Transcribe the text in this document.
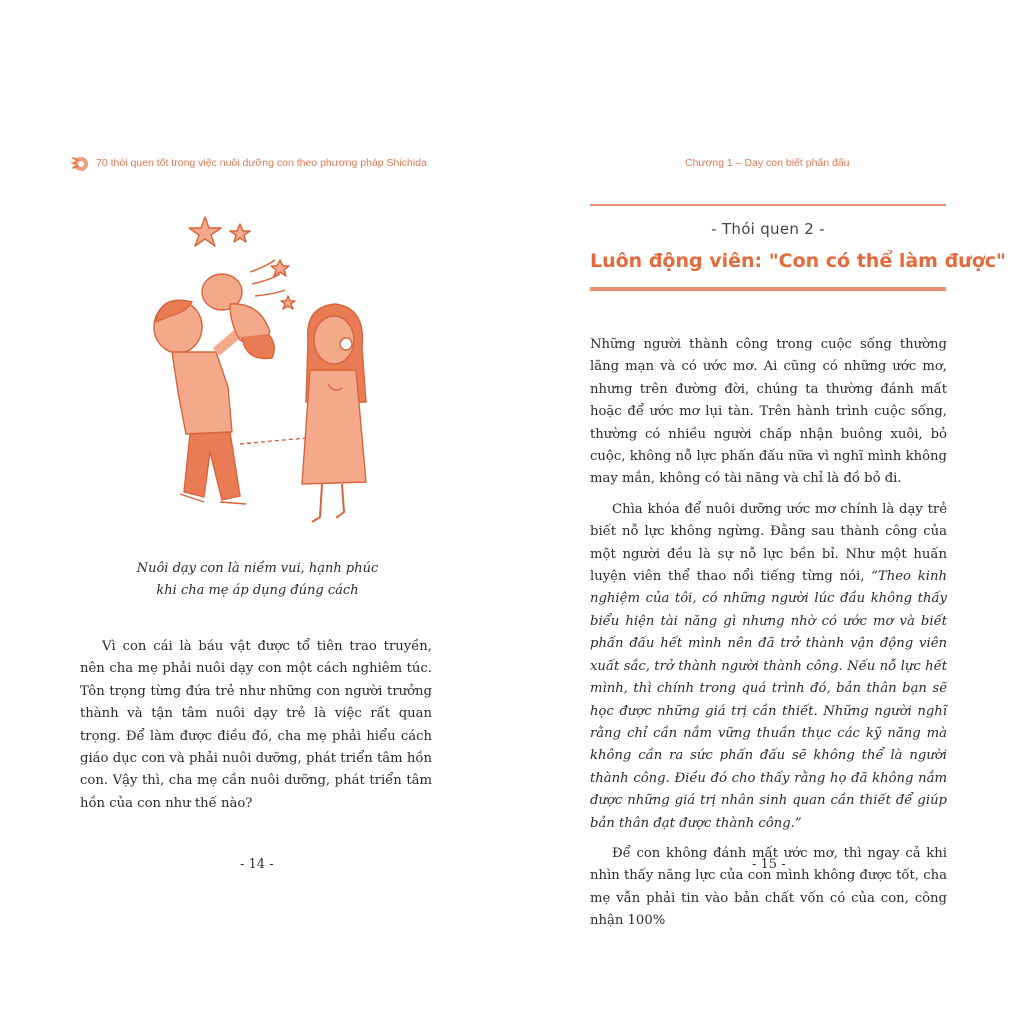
70 thói quen tốt trong việc nuôi dưỡng con theo phương pháp Shichida
Nuôi dạy con là niềm vui, hạnh phúc
khi cha mẹ áp dụng đúng cách

Vì con cái là báu vật được tổ tiên trao truyền, nên cha mẹ phải nuôi dạy con một cách nghiêm túc. Tôn trọng từng đứa trẻ như những con người trưởng thành và tận tâm nuôi dạy trẻ là việc rất quan trọng. Để làm được điều đó, cha mẹ phải hiểu cách giáo dục con và phải nuôi dưỡng, phát triển tâm hồn con. Vậy thì, cha mẹ cần nuôi dưỡng, phát triển tâm hồn của con như thế nào?

- 14 -
Chương 1 – Dạy con biết phấn đấu
- Thói quen 2 -
Luôn động viên: "Con có thể làm được"

Những người thành công trong cuộc sống thường lãng mạn và có ước mơ. Ai cũng có những ước mơ, nhưng trên đường đời, chúng ta thường đánh mất hoặc để ước mơ lụi tàn. Trên hành trình cuộc sống, thường có nhiều người chấp nhận buông xuôi, bỏ cuộc, không nỗ lực phấn đấu nữa vì nghĩ mình không may mắn, không có tài năng và chỉ là đồ bỏ đi.

Chìa khóa để nuôi dưỡng ước mơ chính là dạy trẻ biết nỗ lực không ngừng. Đằng sau thành công của một người đều là sự nỗ lực bền bỉ. Như một huấn luyện viên thể thao nổi tiếng từng nói, “Theo kinh nghiệm của tôi, có những người lúc đầu không thấy biểu hiện tài năng gì nhưng nhờ có ước mơ và biết phấn đấu hết mình nên đã trở thành vận động viên xuất sắc, trở thành người thành công. Nếu nỗ lực hết mình, thì chính trong quá trình đó, bản thân bạn sẽ học được những giá trị cần thiết. Những người nghĩ rằng chỉ cần nắm vững thuần thục các kỹ năng mà không cần ra sức phấn đấu sẽ không thể là người thành công. Điều đó cho thấy rằng họ đã không nắm được những giá trị nhân sinh quan cần thiết để giúp bản thân đạt được thành công.”

Để con không đánh mất ước mơ, thì ngay cả khi nhìn thấy năng lực của con mình không được tốt, cha mẹ vẫn phải tin vào bản chất vốn có của con, công nhận 100%

- 15 -
